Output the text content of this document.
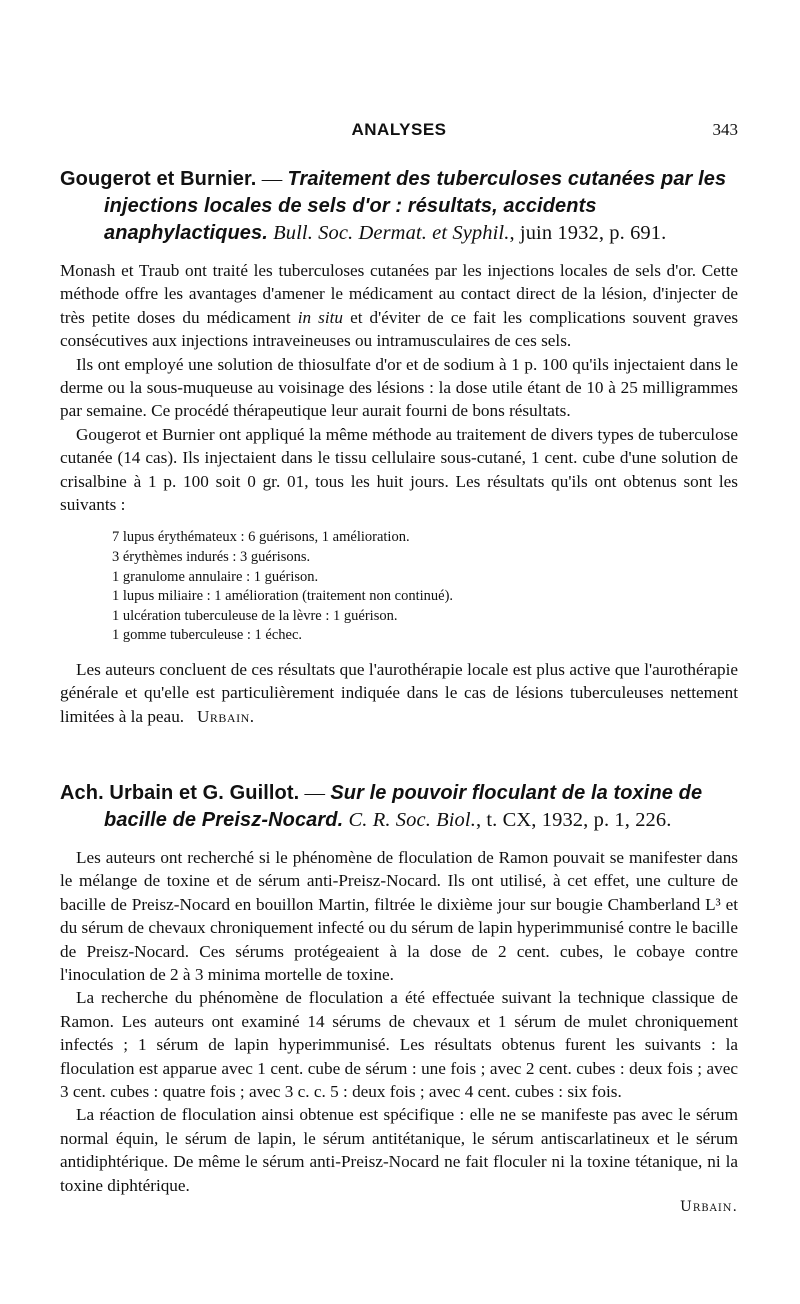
ANALYSES	343
Gougerot et Burnier. — Traitement des tuberculoses cutanées par les injections locales de sels d'or : résultats, accidents anaphylactiques. Bull. Soc. Dermat. et Syphil., juin 1932, p. 691.

Monash et Traub ont traité les tuberculoses cutanées par les injections locales de sels d'or. Cette méthode offre les avantages d'amener le médicament au contact direct de la lésion, d'injecter de très petite doses du médicament in situ et d'éviter de ce fait les complications souvent graves consécutives aux injections intraveineuses ou intramusculaires de ces sels.

Ils ont employé une solution de thiosulfate d'or et de sodium à 1 p. 100 qu'ils injectaient dans le derme ou la sous-muqueuse au voisinage des lésions : la dose utile étant de 10 à 25 milligrammes par semaine. Ce procédé thérapeutique leur aurait fourni de bons résultats.

Gougerot et Burnier ont appliqué la même méthode au traitement de divers types de tuberculose cutanée (14 cas). Ils injectaient dans le tissu cellulaire sous-cutané, 1 cent. cube d'une solution de crisalbine à 1 p. 100 soit 0 gr. 01, tous les huit jours. Les résultats qu'ils ont obtenus sont les suivants :

7 lupus érythémateux : 6 guérisons, 1 amélioration.
3 érythèmes indurés : 3 guérisons.
1 granulome annulaire : 1 guérison.
1 lupus miliaire : 1 amélioration (traitement non continué).
1 ulcération tuberculeuse de la lèvre : 1 guérison.
1 gomme tuberculeuse : 1 échec.

Les auteurs concluent de ces résultats que l'aurothérapie locale est plus active que l'aurothérapie générale et qu'elle est particulièrement indiquée dans le cas de lésions tuberculeuses nettement limitées à la peau. Urbain.

Ach. Urbain et G. Guillot. — Sur le pouvoir floculant de la toxine de bacille de Preisz-Nocard. C. R. Soc. Biol., t. CX, 1932, p. 1, 226.

Les auteurs ont recherché si le phénomène de floculation de Ramon pouvait se manifester dans le mélange de toxine et de sérum anti-Preisz-Nocard. Ils ont utilisé, à cet effet, une culture de bacille de Preisz-Nocard en bouillon Martin, filtrée le dixième jour sur bougie Chamberland L³ et du sérum de chevaux chroniquement infecté ou du sérum de lapin hyperimmunisé contre le bacille de Preisz-Nocard. Ces sérums protégeaient à la dose de 2 cent. cubes, le cobaye contre l'inoculation de 2 à 3 minima mortelle de toxine.

La recherche du phénomène de floculation a été effectuée suivant la technique classique de Ramon. Les auteurs ont examiné 14 sérums de chevaux et 1 sérum de mulet chroniquement infectés ; 1 sérum de lapin hyperimmunisé. Les résultats obtenus furent les suivants : la floculation est apparue avec 1 cent. cube de sérum : une fois ; avec 2 cent. cubes : deux fois ; avec 3 cent. cubes : quatre fois ; avec 3 c. c. 5 : deux fois ; avec 4 cent. cubes : six fois.

La réaction de floculation ainsi obtenue est spécifique : elle ne se manifeste pas avec le sérum normal équin, le sérum de lapin, le sérum antitétanique, le sérum antiscarlatineux et le sérum antidiphtérique. De même le sérum anti-Preisz-Nocard ne fait floculer ni la toxine tétanique, ni la toxine diphtérique.

Urbain.
